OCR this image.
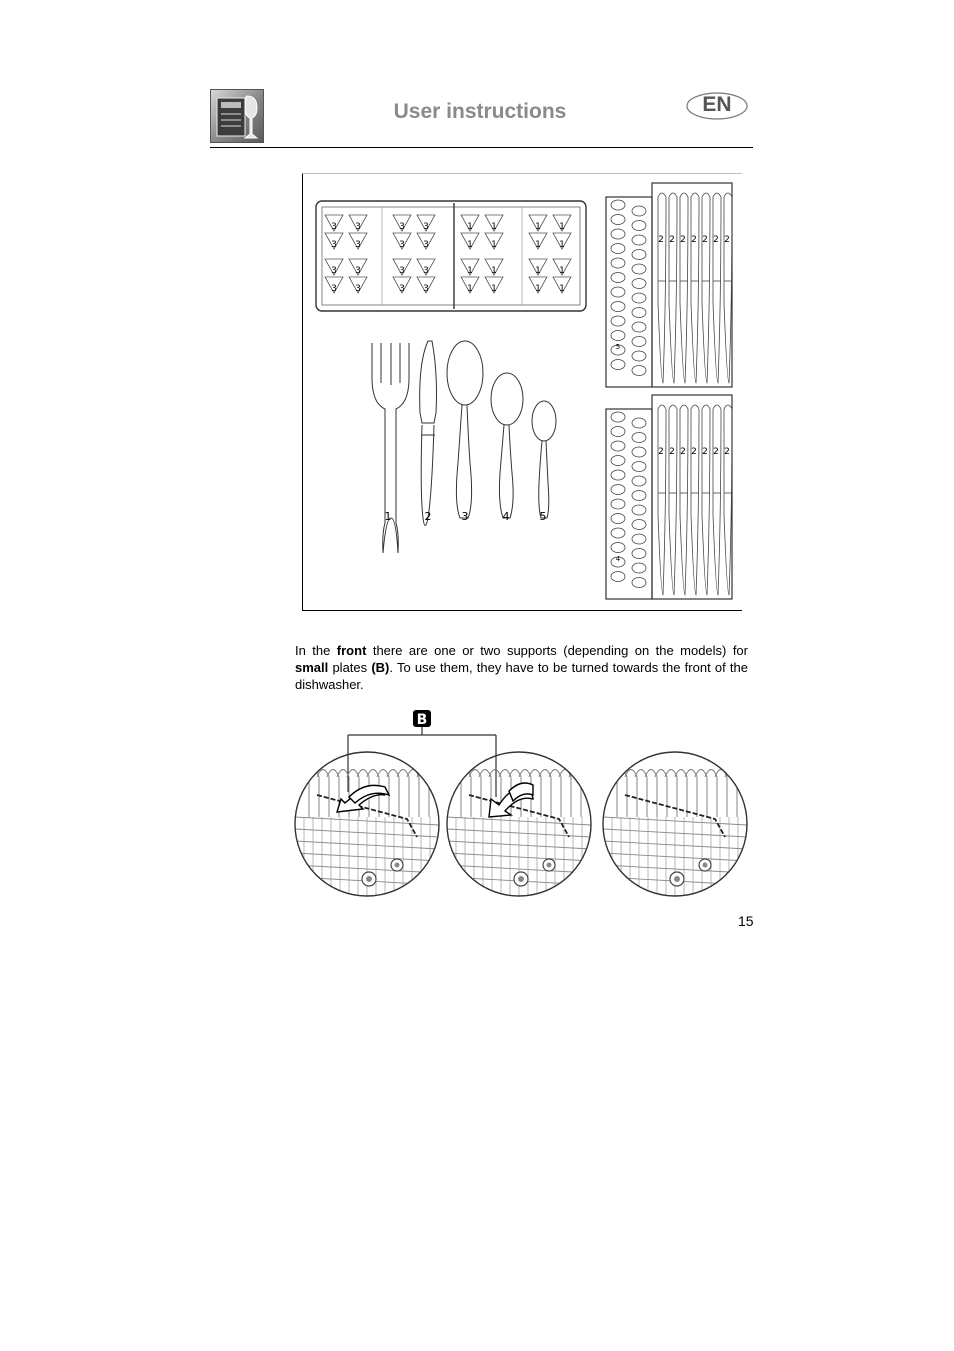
User instructions	EN
3
3
3
3
3
3
3
3
3
3
3
3
3
3
3
3
1
1
1
1
1
1
1
1
1
1
1
1
1
1
1
1
1	2	3	4	5
5
2 2 2 2 2 2 2
4
2 2 2 2 2 2 2
In the front there are one or two supports (depending on the models) for small plates (B). To use them, they have to be turned towards the front of the dishwasher.
B
15
